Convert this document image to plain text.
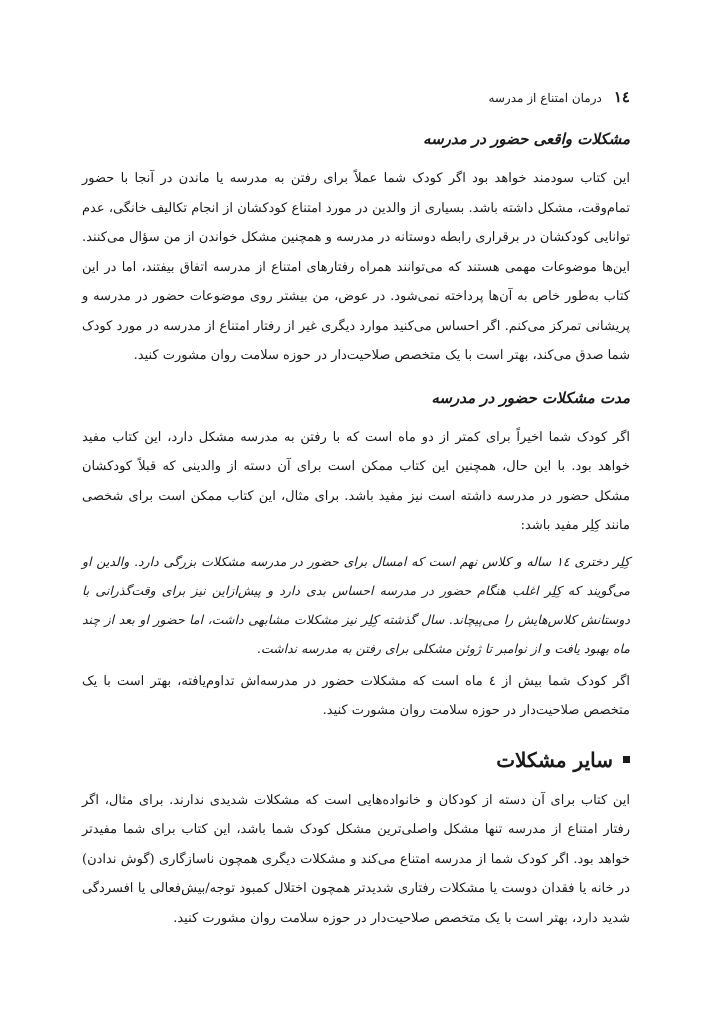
١٤
درمان امتناع از مدرسه
مشکلات واقعی حضور در مدرسه

این کتاب سودمند خواهد بود اگر کودک شما عملاً برای رفتن به مدرسه یا ماندن در آنجا با حضور تمام‌وقت، مشکل داشته باشد. بسیاری از والدین در مورد امتناع کودکشان از انجام تکالیف خانگی، عدم توانایی کودکشان در برقراری رابطه دوستانه در مدرسه و همچنین مشکل خواندن از من سؤال می‌کنند. این‌ها موضوعات مهمی هستند که می‌توانند همراه رفتارهای امتناع از مدرسه اتفاق بیفتند، اما در این کتاب به‌طور خاص به آن‌ها پرداخته نمی‌شود. در عوض، من بیشتر روی موضوعات حضور در مدرسه و پریشانی تمرکز می‌کنم. اگر احساس می‌کنید موارد دیگری غیر از رفتار امتناع از مدرسه در مورد کودک شما صدق می‌کند، بهتر است با یک متخصص صلاحیت‌دار در حوزه سلامت روان مشورت کنید.

مدت مشکلات حضور در مدرسه

اگر کودک شما اخیراً برای کمتر از دو ماه است که با رفتن به مدرسه مشکل دارد، این کتاب مفید خواهد بود. با این حال، همچنین این کتاب ممکن است برای آن دسته از والدینی که قبلاً کودکشان مشکل حضور در مدرسه داشته است نیز مفید باشد. برای مثال، این کتاب ممکن است برای شخصی مانند کِلِر مفید باشد:

کِلِر دختری ١٤ ساله و کلاس نهم است که امسال برای حضور در مدرسه مشکلات بزرگی دارد. والدین او می‌گویند که کِلِر اغلب هنگام حضور در مدرسه احساس بدی دارد و پیش‌ازاین نیز برای وقت‌گذرانی با دوستانش کلاس‌هایش را می‌پیچاند. سال گذشته کِلِر نیز مشکلات مشابهی داشت، اما حضور او بعد از چند ماه بهبود یافت و از نوامبر تا ژوئن مشکلی برای رفتن به مدرسه نداشت.

اگر کودک شما بیش از ٤ ماه است که مشکلات حضور در مدرسه‌اش تداوم‌یافته، بهتر است با یک متخصص صلاحیت‌دار در حوزه سلامت روان مشورت کنید.

سایر مشکلات

این کتاب برای آن دسته از کودکان و خانواده‌هایی است که مشکلات شدیدی ندارند. برای مثال، اگر رفتار امتناع از مدرسه تنها مشکل واصلی‌ترین مشکل کودک شما باشد، این کتاب برای شما مفیدتر خواهد بود. اگر کودک شما از مدرسه امتناع می‌کند و مشکلات دیگری همچون ناسازگاری (گوش ندادن) در خانه یا فقدان دوست یا مشکلات رفتاری شدیدتر همچون اختلال کمبود توجه/بیش‌فعالی یا افسردگی شدید دارد، بهتر است با یک متخصص صلاحیت‌دار در حوزه سلامت روان مشورت کنید.
